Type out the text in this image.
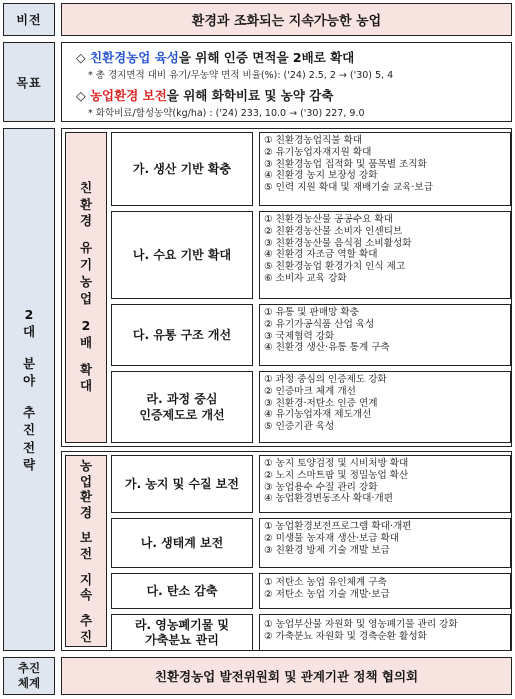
비전	환경과 조화되는 지속가능한 농업
목표
◇ 친환경농업 육성을 위해 인증 면적을 2배로 확대
* 총 경지면적 대비 유기/무농약 면적 비율(%): ('24) 2.5, 2 → ('30) 5, 4
◇ 농업환경 보전을 위해 화학비료 및 농약 감축
* 화학비료/합성농약(kg/ha) : ('24) 233, 10.0 → ('30) 227, 9.0
2
대

분
야

추
진
전
략
친
환
경

유
기
농
업

2
배

확
대
가. 생산 기반 확충
① 친환경농업직불 확대
② 유기농업자재지원 확대
③ 친환경농업 집적화 및 품목별 조직화
④ 친환경 농지 보장성 강화
⑤ 인력 지원 확대 및 재배기술 교육·보급
나. 수요 기반 확대
① 친환경농산물 공공수요 확대
② 친환경농산물 소비자 인센티브
③ 친환경농산물 음식점 소비활성화
④ 친환경 자조금 역할 확대
⑤ 친환경농업 환경가치 인식 제고
⑥ 소비자 교육 강화
다. 유통 구조 개선
① 유통 및 판매망 확충
② 유기가공식품 산업 육성
③ 국제협력 강화
④ 친환경 생산·유통 통계 구축
라. 과정 중심
인증제도로 개선
① 과정 중심의 인증제도 강화
② 인증마크 체계 개선
③ 친환경·저탄소 인증 연계
④ 유기농업자재 제도개선
⑤ 인증기관 육성
농
업
환
경

보
전

지
속

추
진
가. 농지 및 수질 보전
① 농지 토양검정 및 시비처방 확대
② 노지 스마트팜 및 정밀농업 확산
③ 농업용수 수질 관리 강화
④ 농업환경변동조사 확대·개편
나. 생태계 보전
① 농업환경보전프로그램 확대·개편
② 미생물 농자재 생산·보급 확대
③ 친환경 방제 기술 개발 보급
다. 탄소 감축
① 저탄소 농업 유인체계 구축
② 저탄소 농업 기술 개발·보급
라. 영농폐기물 및
가축분뇨 관리
① 농업부산물 자원화 및 영농폐기물 관리 강화
② 가축분뇨 자원화 및 경축순환 활성화
추진
체계	친환경농업 발전위원회 및 관계기관 정책 협의회
